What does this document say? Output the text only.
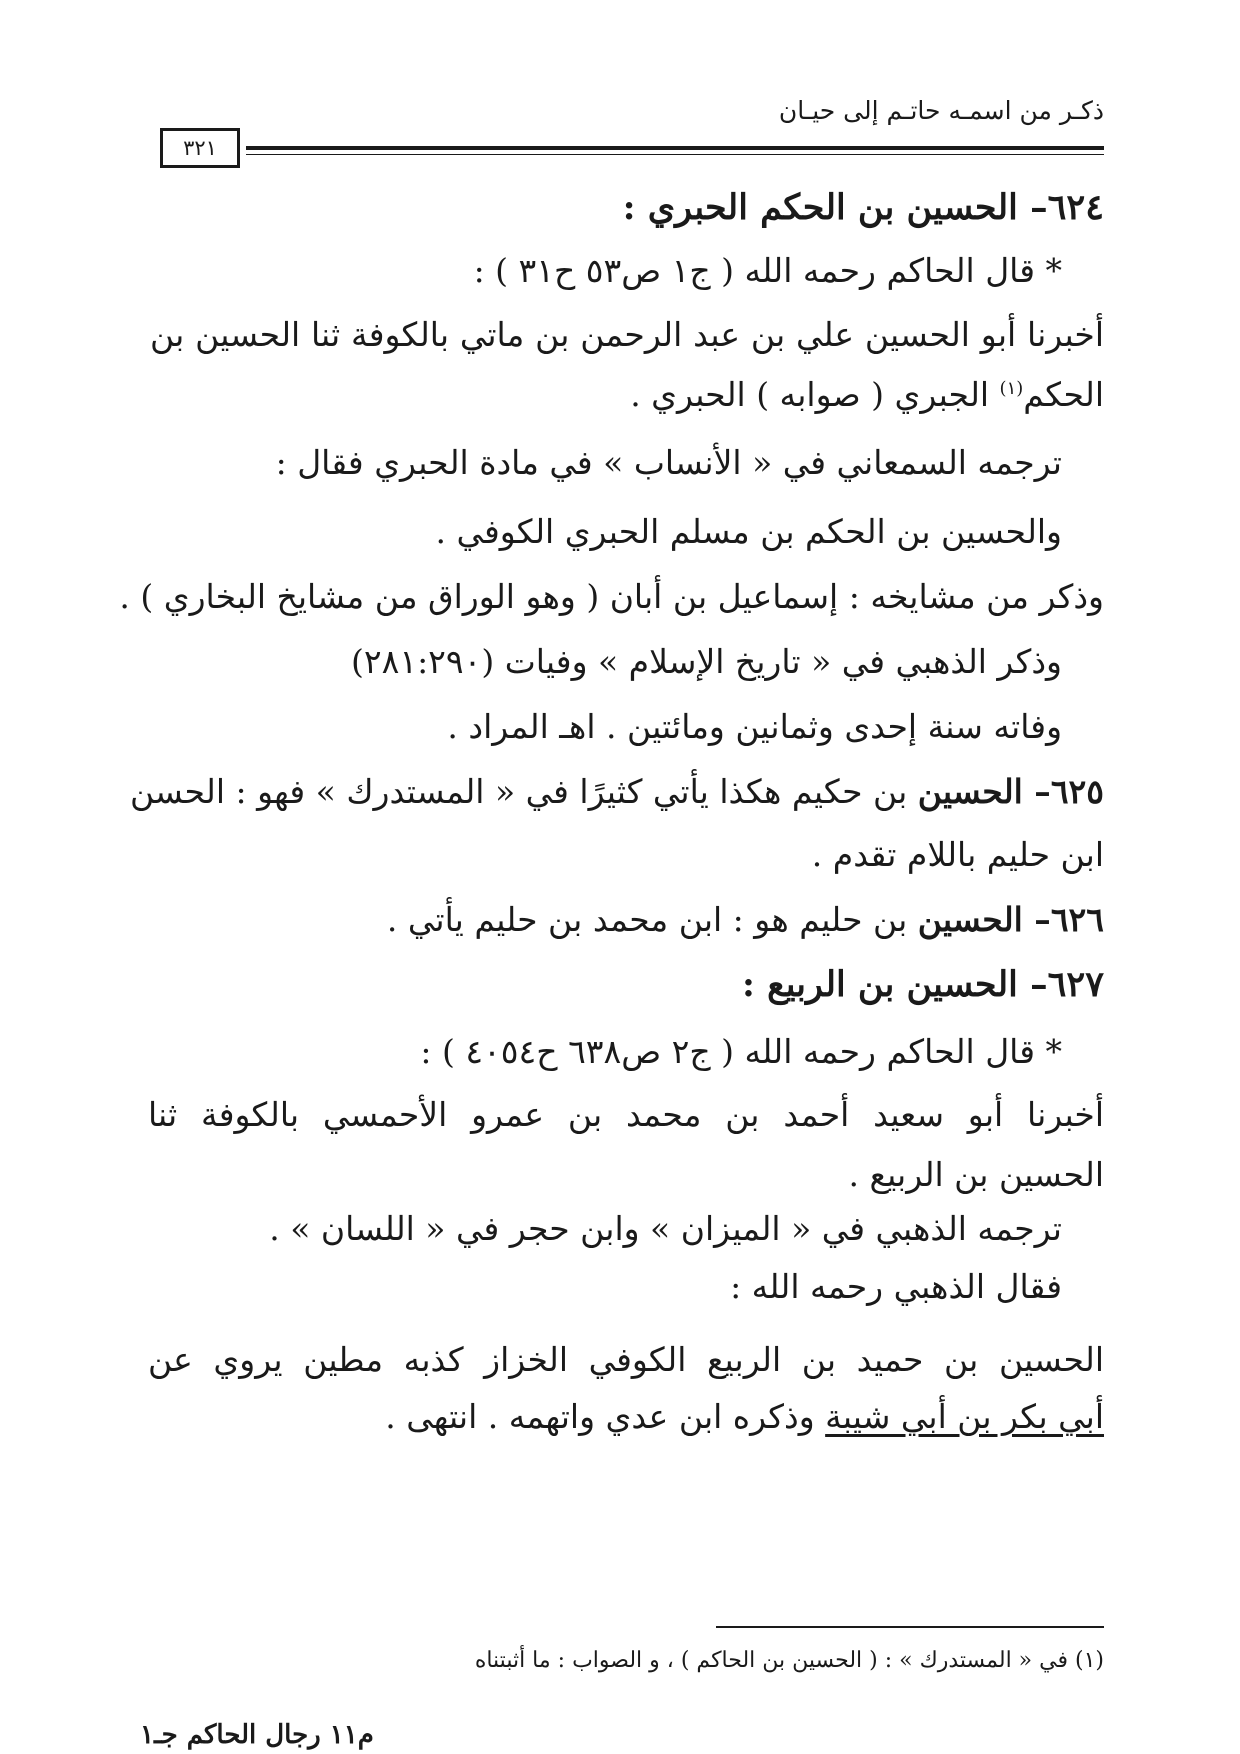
ذكـر من اسمـه حاتـم إلى حيـان
٣٢١
٦٢٤– الحسين بن الحكم الحبري :
* قال الحاكم رحمه الله ( ج١ ص٥٣ ح٣١ ) :
أخبرنا أبو الحسين علي بن عبد الرحمن بن ماتي بالكوفة ثنا الحسين بن
الحكم$^{(١)}$ الجبري ( صوابه ) الحبري .
ترجمه السمعاني في « الأنساب » في مادة الحبري فقال :
والحسين بن الحكم بن مسلم الحبري الكوفي .
وذكر من مشايخه : إسماعيل بن أبان ( وهو الوراق من مشايخ البخاري ) .
وذكر الذهبي في « تاريخ الإسلام » وفيات (٢٨١:٢٩٠)
وفاته سنة إحدى وثمانين ومائتين . اهـ المراد .
٦٢٥– الحسين بن حكيم هكذا يأتي كثيرًا في « المستدرك » فهو : الحسن
ابن حليم باللام تقدم .
٦٢٦– الحسين بن حليم هو : ابن محمد بن حليم يأتي .
٦٢٧– الحسين بن الربيع :
* قال الحاكم رحمه الله ( ج٢ ص٦٣٨ ح٤٠٥٤ ) :
أخبرنا أبو سعيد أحمد بن محمد بن عمرو الأحمسي بالكوفة ثنا
الحسين بن الربيع .
ترجمه الذهبي في « الميزان » وابن حجر في « اللسان » .
فقال الذهبي رحمه الله :
الحسين بن حميد بن الربيع الكوفي الخزاز كذبه مطين يروي عن
أبي بكر بن أبي شيبة وذكره ابن عدي واتهمه . انتهى .
(١) في « المستدرك » : ( الحسين بن الحاكم ) ، و الصواب : ما أثبتناه
م١١ رجال الحاكم جـ١
